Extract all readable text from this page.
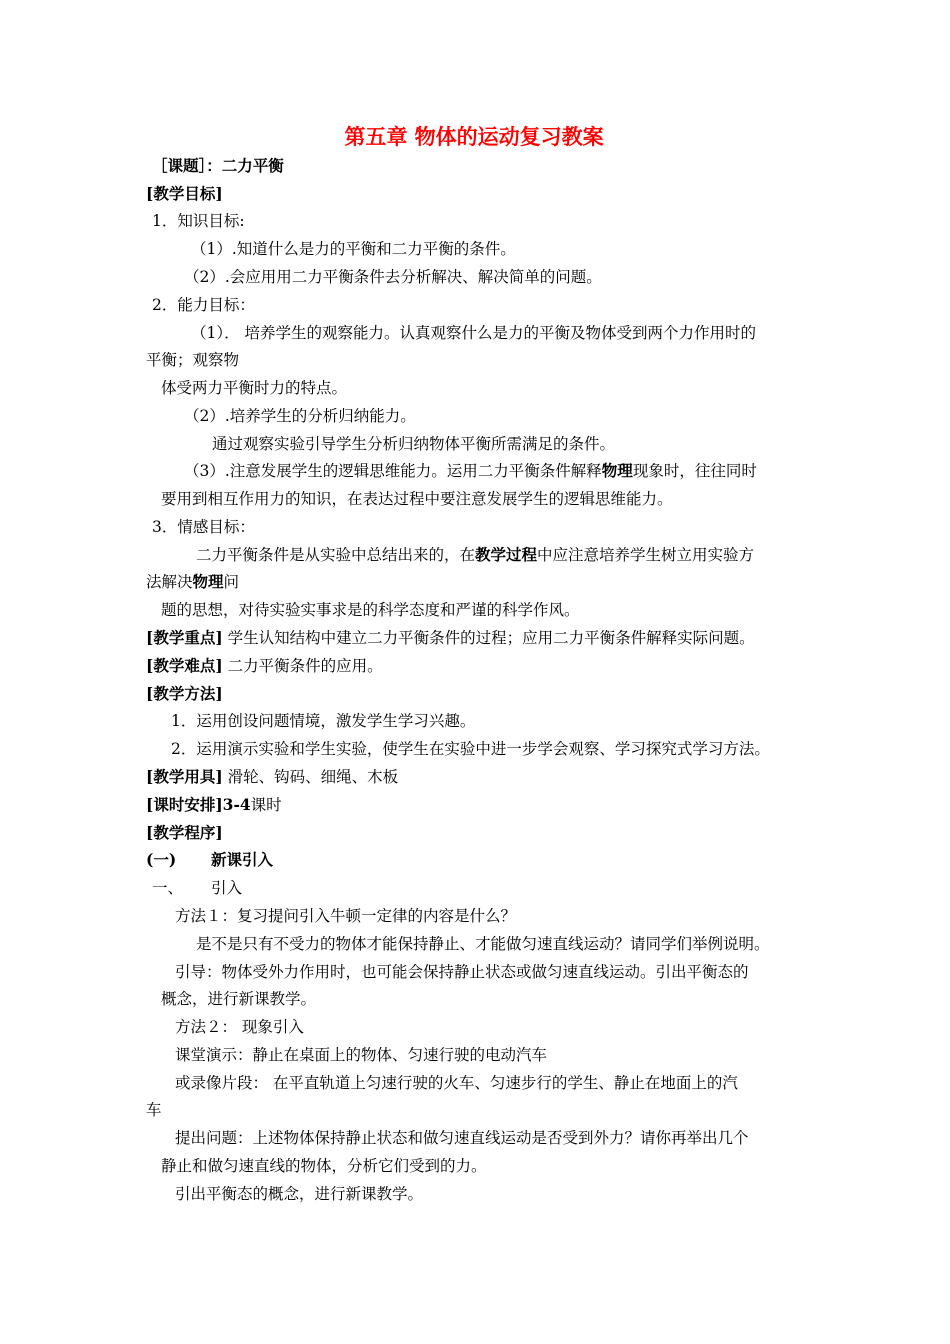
第五章 物体的运动复习教案
［课题］：二力平衡
[教学目标]
1．知识目标:
（1）.知道什么是力的平衡和二力平衡的条件。
（2）.会应用用二力平衡条件去分析解决、解决简单的问题。
2．能力目标：
（1）． 培养学生的观察能力。认真观察什么是力的平衡及物体受到两个力作用时的
平衡；观察物
体受两力平衡时力的特点。
（2）.培养学生的分析归纳能力。
通过观察实验引导学生分析归纳物体平衡所需满足的条件。
（3）.注意发展学生的逻辑思维能力。运用二力平衡条件解释物理现象时，往往同时
要用到相互作用力的知识，在表达过程中要注意发展学生的逻辑思维能力。
3．情感目标：
二力平衡条件是从实验中总结出来的，在教学过程中应注意培养学生树立用实验方
法解决物理问
题的思想，对待实验实事求是的科学态度和严谨的科学作风。
[教学重点] 学生认知结构中建立二力平衡条件的过程；应用二力平衡条件解释实际问题。
[教学难点] 二力平衡条件的应用。
[教学方法]
1．运用创设问题情境，激发学生学习兴趣。
2．运用演示实验和学生实验，使学生在实验中进一步学会观察、学习探究式学习方法。
[教学用具] 滑轮、钩码、细绳、木板
[课时安排]3-4课时
[教学程序]
(一) 新课引入
一、 引入
方法１：复习提问引入牛顿一定律的内容是什么？
是不是只有不受力的物体才能保持静止、才能做匀速直线运动？请同学们举例说明。
引导：物体受外力作用时，也可能会保持静止状态或做匀速直线运动。引出平衡态的
概念，进行新课教学。
方法２： 现象引入
课堂演示：静止在桌面上的物体、匀速行驶的电动汽车
或录像片段： 在平直轨道上匀速行驶的火车、匀速步行的学生、静止在地面上的汽
车
提出问题：上述物体保持静止状态和做匀速直线运动是否受到外力？请你再举出几个
静止和做匀速直线的物体，分析它们受到的力。
引出平衡态的概念，进行新课教学。
